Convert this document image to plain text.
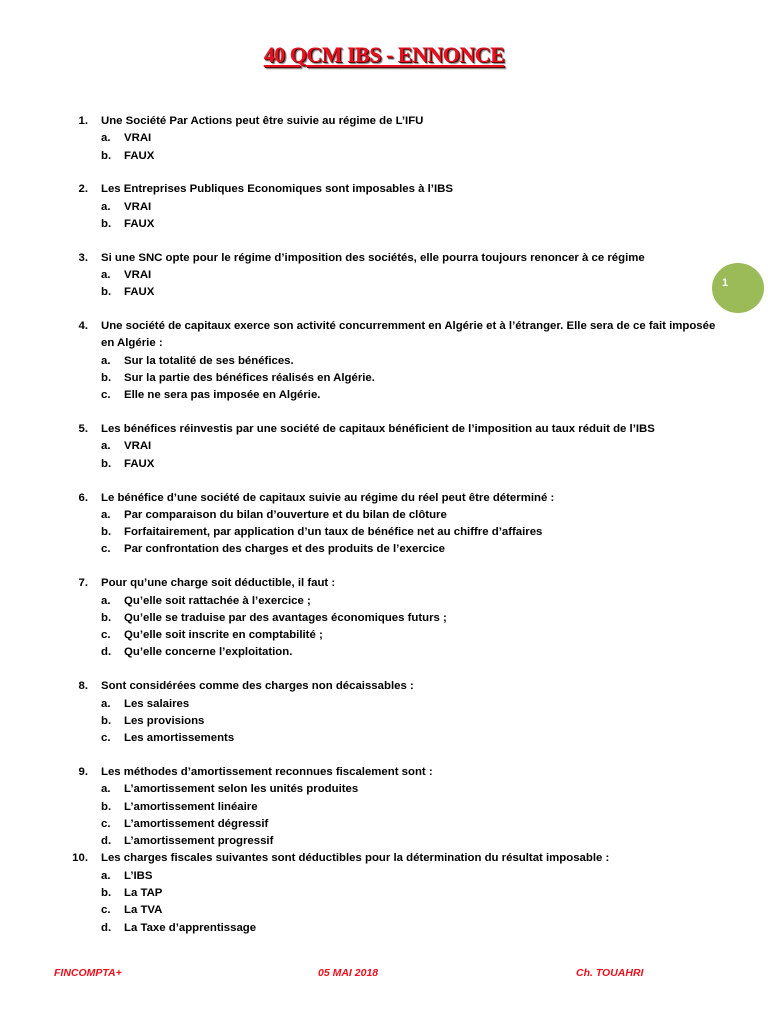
40 QCM IBS - ENNONCE
1
1. Une Société Par Actions peut être suivie au régime de L’IFU
a. VRAI
b. FAUX
2. Les Entreprises Publiques Economiques sont imposables à l’IBS
a. VRAI
b. FAUX
3. Si une SNC opte pour le régime d’imposition des sociétés, elle pourra toujours renoncer à ce régime
a. VRAI
b. FAUX
4. Une société de capitaux exerce son activité concurremment en Algérie et à l’étranger. Elle sera de ce fait imposée
en Algérie :
a. Sur la totalité de ses bénéfices.
b. Sur la partie des bénéfices réalisés en Algérie.
c. Elle ne sera pas imposée en Algérie.
5. Les bénéfices réinvestis par une société de capitaux bénéficient de l’imposition au taux réduit de l’IBS
a. VRAI
b. FAUX
6. Le bénéfice d’une société de capitaux suivie au régime du réel peut être déterminé :
a. Par comparaison du bilan d’ouverture et du bilan de clôture
b. Forfaitairement, par application d’un taux de bénéfice net au chiffre d’affaires
c. Par confrontation des charges et des produits de l’exercice
7. Pour qu’une charge soit déductible, il faut :
a. Qu’elle soit rattachée à l’exercice ;
b. Qu’elle se traduise par des avantages économiques futurs ;
c. Qu’elle soit inscrite en comptabilité ;
d. Qu’elle concerne l’exploitation.
8. Sont considérées comme des charges non décaissables :
a. Les salaires
b. Les provisions
c. Les amortissements
9. Les méthodes d’amortissement reconnues fiscalement sont :
a. L’amortissement selon les unités produites
b. L’amortissement linéaire
c. L’amortissement dégressif
d. L’amortissement progressif
10. Les charges fiscales suivantes sont déductibles pour la détermination du résultat imposable :
a. L’IBS
b. La TAP
c. La TVA
d. La Taxe d’apprentissage
FINCOMPTA+	05 MAI 2018	Ch. TOUAHRI
